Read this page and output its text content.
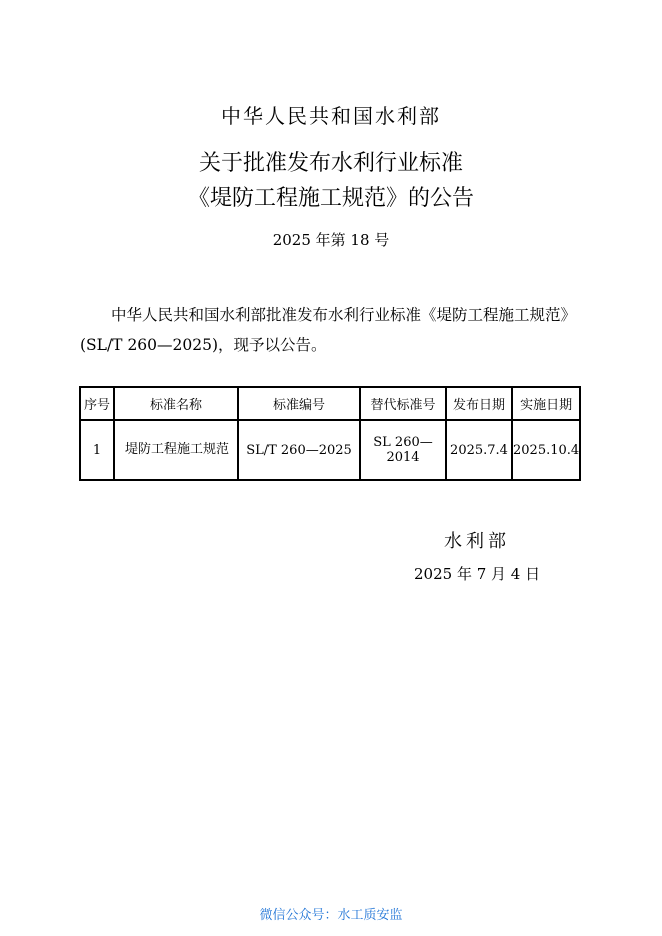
中华人民共和国水利部
关于批准发布水利行业标准
《堤防工程施工规范》的公告
2025 年第 18 号
中华人民共和国水利部批准发布水利行业标准《堤防工程施工规范》(SL/T 260—2025)，现予以公告。
序号	标准名称	标准编号	替代标准号	发布日期	实施日期
1	堤防工程施工规范	SL/T 260—2025	SL 260—2014	2025.7.4	2025.10.4
水利部
2025 年 7 月 4 日
微信公众号：水工质安监
